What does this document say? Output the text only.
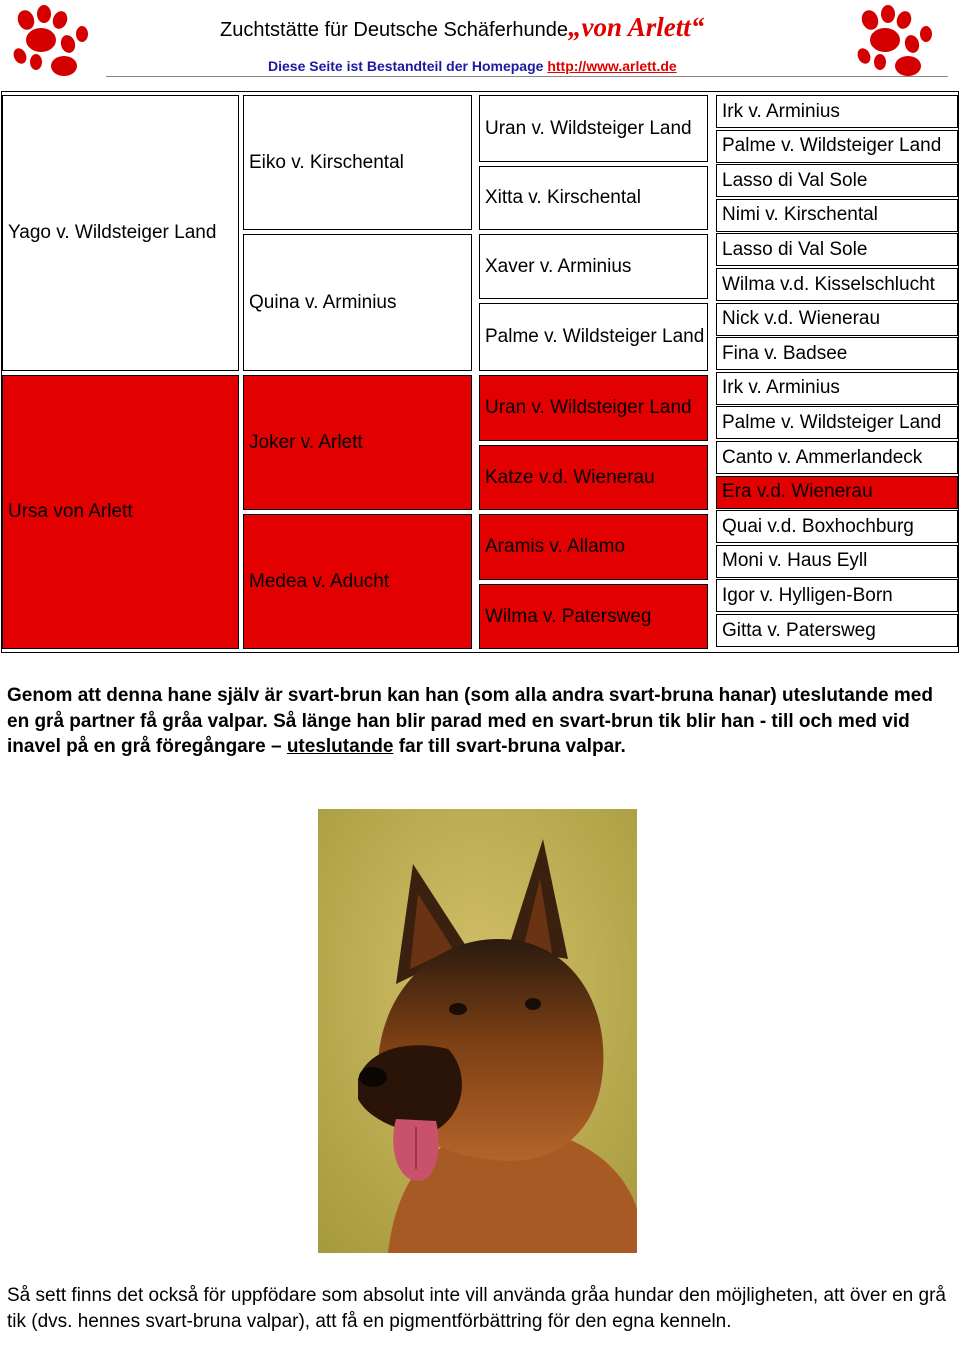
Zuchtstätte für Deutsche Schäferhunde„von Arlett“
Diese Seite ist Bestandteil der Homepage http://www.arlett.de
Yago v. Wildsteiger Land
Ursa von Arlett
Eiko v. Kirschental
Quina v. Arminius
Joker v. Arlett
Medea v. Aducht
Uran v. Wildsteiger Land
Xitta v. Kirschental
Xaver v. Arminius
Palme v. Wildsteiger Land
Uran v. Wildsteiger Land
Katze v.d. Wienerau
Aramis v. Allamo
Wilma v. Patersweg
Irk v. Arminius
Palme v. Wildsteiger Land
Lasso di Val Sole
Nimi v. Kirschental
Lasso di Val Sole
Wilma v.d. Kisselschlucht
Nick v.d. Wienerau
Fina v. Badsee
Irk v. Arminius
Palme v. Wildsteiger Land
Canto v. Ammerlandeck
Era v.d. Wienerau
Quai v.d. Boxhochburg
Moni v. Haus Eyll
Igor v. Hylligen-Born
Gitta v. Patersweg
Genom att denna hane själv är svart-brun kan han (som alla andra svart-bruna hanar) uteslutande med en grå partner få gråa valpar. Så länge han blir parad med en svart-brun tik blir han - till och med vid inavel på en grå föregångare – uteslutande far till svart-bruna valpar.
Så sett finns det också för uppfödare som absolut inte vill använda gråa hundar den möjligheten, att över en grå tik (dvs. hennes svart-bruna valpar), att få en pigmentförbättring för den egna kenneln.
